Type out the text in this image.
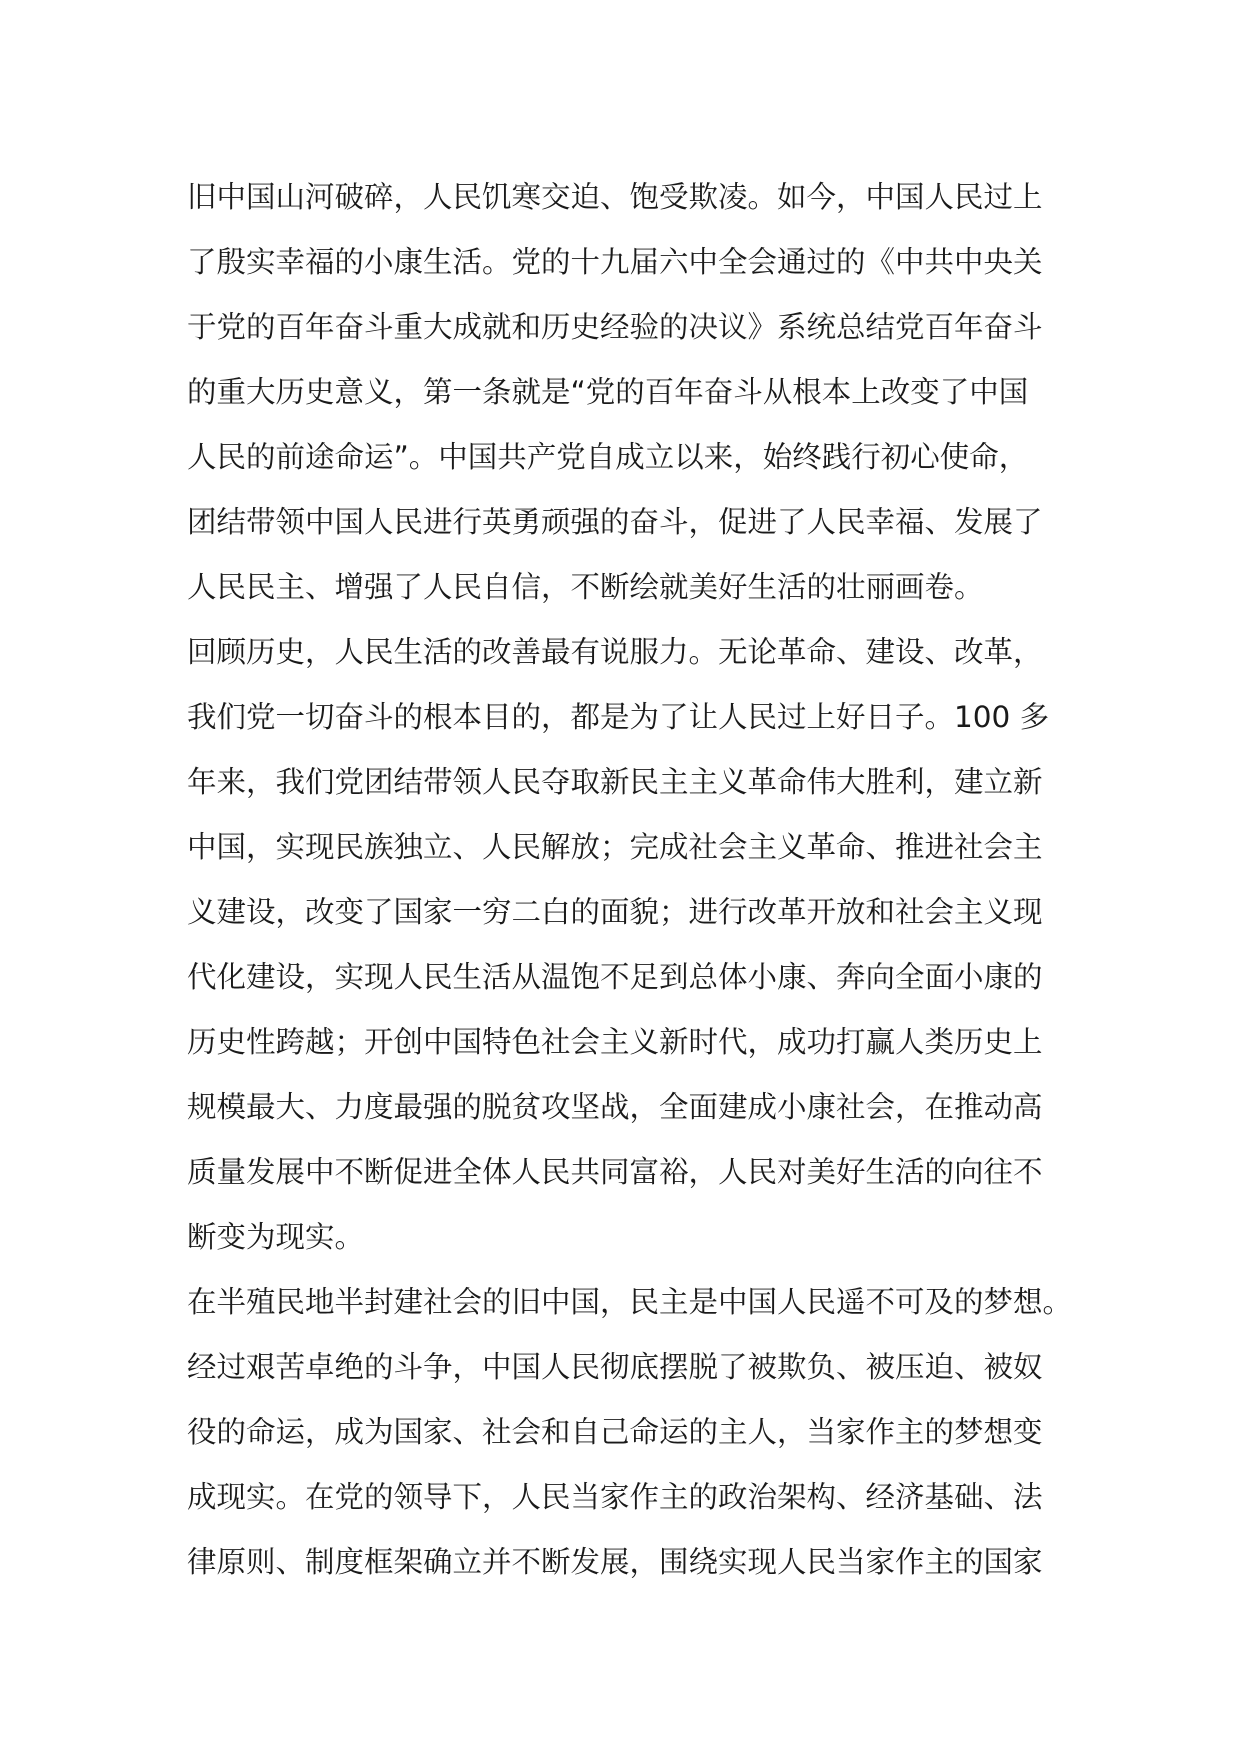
旧中国山河破碎，人民饥寒交迫、饱受欺凌。如今，中国人民过上
了殷实幸福的小康生活。党的十九届六中全会通过的《中共中央关
于党的百年奋斗重大成就和历史经验的决议》系统总结党百年奋斗
的重大历史意义，第一条就是“党的百年奋斗从根本上改变了中国
人民的前途命运”。中国共产党自成立以来，始终践行初心使命，
团结带领中国人民进行英勇顽强的奋斗，促进了人民幸福、发展了
人民民主、增强了人民自信，不断绘就美好生活的壮丽画卷。
回顾历史，人民生活的改善最有说服力。无论革命、建设、改革，
我们党一切奋斗的根本目的，都是为了让人民过上好日子。100 多
年来，我们党团结带领人民夺取新民主主义革命伟大胜利，建立新
中国，实现民族独立、人民解放；完成社会主义革命、推进社会主
义建设，改变了国家一穷二白的面貌；进行改革开放和社会主义现
代化建设，实现人民生活从温饱不足到总体小康、奔向全面小康的
历史性跨越；开创中国特色社会主义新时代，成功打赢人类历史上
规模最大、力度最强的脱贫攻坚战，全面建成小康社会，在推动高
质量发展中不断促进全体人民共同富裕，人民对美好生活的向往不
断变为现实。
在半殖民地半封建社会的旧中国，民主是中国人民遥不可及的梦想。
经过艰苦卓绝的斗争，中国人民彻底摆脱了被欺负、被压迫、被奴
役的命运，成为国家、社会和自己命运的主人，当家作主的梦想变
成现实。在党的领导下，人民当家作主的政治架构、经济基础、法
律原则、制度框架确立并不断发展，围绕实现人民当家作主的国家
